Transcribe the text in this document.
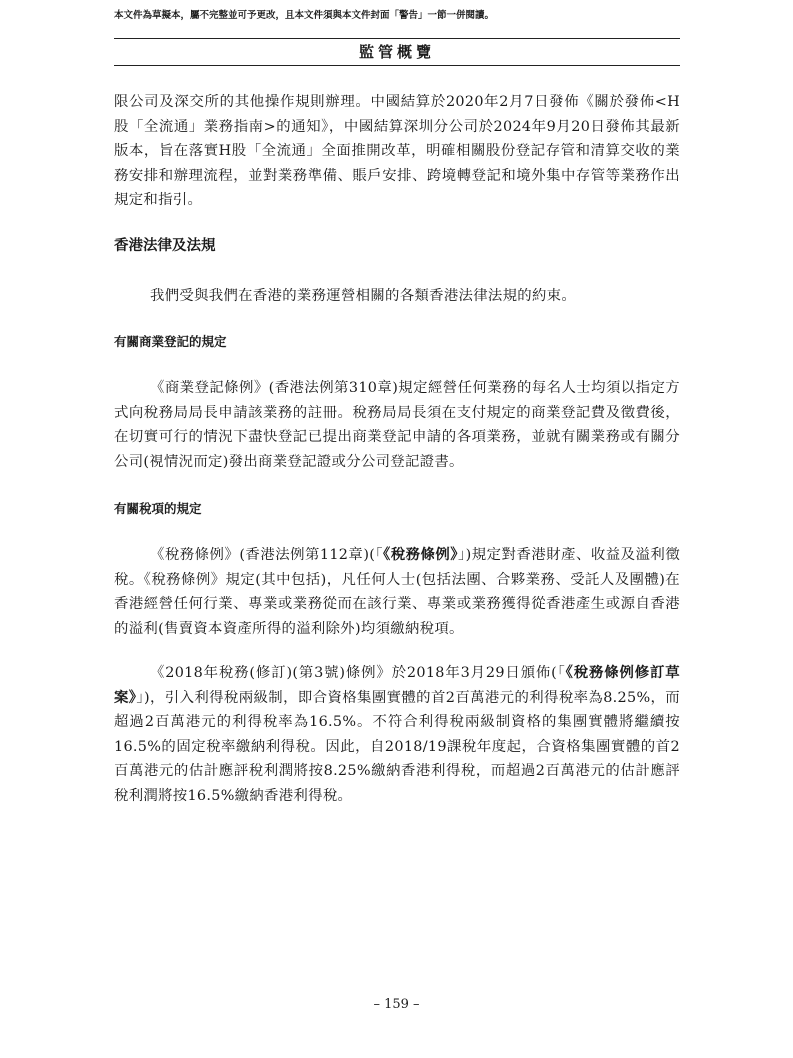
本文件為草擬本，屬不完整並可予更改，且本文件須與本文件封面「警告」一節一併閱讀。
監管概覽

限公司及深交所的其他操作規則辦理。中國結算於2020年2月7日發佈《關於發佈<H股「全流通」業務指南>的通知》，中國結算深圳分公司於2024年9月20日發佈其最新版本，旨在落實H股「全流通」全面推開改革，明確相關股份登記存管和清算交收的業務安排和辦理流程，並對業務準備、賬戶安排、跨境轉登記和境外集中存管等業務作出規定和指引。

香港法律及法規

我們受與我們在香港的業務運營相關的各類香港法律法規的約束。

有關商業登記的規定

《商業登記條例》(香港法例第310章)規定經營任何業務的每名人士均須以指定方式向稅務局局長申請該業務的註冊。稅務局局長須在支付規定的商業登記費及徵費後，在切實可行的情況下盡快登記已提出商業登記申請的各項業務，並就有關業務或有關分公司(視情況而定)發出商業登記證或分公司登記證書。

有關稅項的規定

《稅務條例》(香港法例第112章)(「《稅務條例》」)規定對香港財產、收益及溢利徵稅。《稅務條例》規定(其中包括)，凡任何人士(包括法團、合夥業務、受託人及團體)在香港經營任何行業、專業或業務從而在該行業、專業或業務獲得從香港產生或源自香港的溢利(售賣資本資產所得的溢利除外)均須繳納稅項。

《2018年稅務(修訂)(第3號)條例》於2018年3月29日頒佈(「《稅務條例修訂草案》」)，引入利得稅兩級制，即合資格集團實體的首2百萬港元的利得稅率為8.25%，而超過2百萬港元的利得稅率為16.5%。不符合利得稅兩級制資格的集團實體將繼續按16.5%的固定稅率繳納利得稅。因此，自2018/19課稅年度起，合資格集團實體的首2百萬港元的估計應評稅利潤將按8.25%繳納香港利得稅，而超過2百萬港元的估計應評稅利潤將按16.5%繳納香港利得稅。

– 159 –
